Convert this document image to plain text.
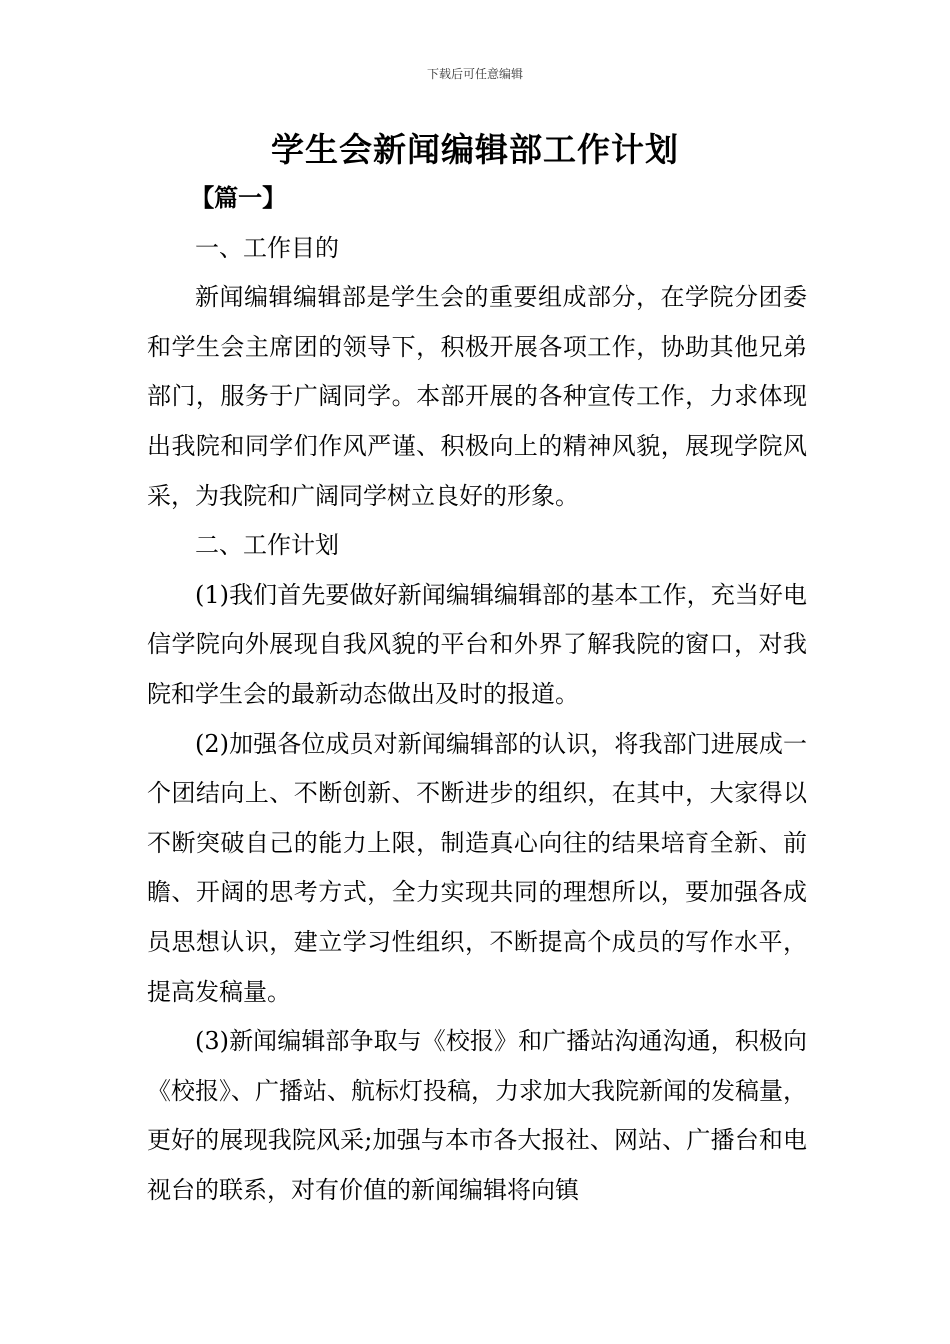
下载后可任意编辑
学生会新闻编辑部工作计划

【篇一】

一、工作目的

新闻编辑编辑部是学生会的重要组成部分，在学院分团委和学生会主席团的领导下，积极开展各项工作，协助其他兄弟部门，服务于广阔同学。本部开展的各种宣传工作，力求体现出我院和同学们作风严谨、积极向上的精神风貌，展现学院风采，为我院和广阔同学树立良好的形象。

二、工作计划

(1)我们首先要做好新闻编辑编辑部的基本工作，充当好电信学院向外展现自我风貌的平台和外界了解我院的窗口，对我院和学生会的最新动态做出及时的报道。

(2)加强各位成员对新闻编辑部的认识，将我部门进展成一个团结向上、不断创新、不断进步的组织，在其中，大家得以不断突破自己的能力上限，制造真心向往的结果培育全新、前瞻、开阔的思考方式，全力实现共同的理想所以，要加强各成员思想认识，建立学习性组织，不断提高个成员的写作水平，提高发稿量。

(3)新闻编辑部争取与《校报》和广播站沟通沟通，积极向《校报》、广播站、航标灯投稿，力求加大我院新闻的发稿量，更好的展现我院风采;加强与本市各大报社、网站、广播台和电视台的联系，对有价值的新闻编辑将向镇
